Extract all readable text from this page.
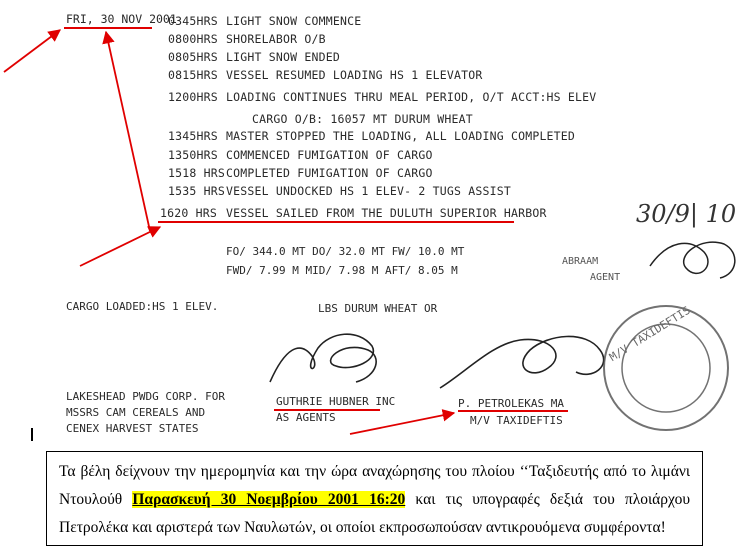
FRI, 30 NOV 2001
0345HRS LIGHT SNOW COMMENCE
0800HRS SHORELABOR O/B
0805HRS LIGHT SNOW ENDED
0815HRS VESSEL RESUMED LOADING HS 1 ELEVATOR
1200HRS LOADING CONTINUES THRU MEAL PERIOD, O/T ACCT:HS ELEV
CARGO O/B: 16057 MT DURUM WHEAT
1345HRS MASTER STOPPED THE LOADING, ALL LOADING COMPLETED
1350HRS COMMENCED FUMIGATION OF CARGO
1518 HRS COMPLETED FUMIGATION OF CARGO
1535 HRS VESSEL UNDOCKED HS 1 ELEV- 2 TUGS ASSIST
1620 HRS VESSEL SAILED FROM THE DULUTH SUPERIOR HARBOR
FO/ 344.0 MT DO/ 32.0 MT FW/ 10.0 MT
FWD/ 7.99 M MID/ 7.98 M AFT/ 8.05 M
30/9| 10
CARGO LOADED:HS 1 ELEV.	LBS DURUM WHEAT OR
ABRAAM
AGENT
LAKESHEAD PWDG CORP. FOR
MSSRS CAM CEREALS AND
CENEX HARVEST STATES
GUTHRIE HUBNER INC
AS AGENTS
P. PETROLEKAS MA
M/V TAXIDEFTIS
M/V TAXIDEFTIS
Τα βέλη δείχνουν την ημερομηνία και την ώρα αναχώρησης του πλοίου ‘‘Ταξιδευτής από το λιμάνι Ντουλούθ Παρασκευή 30 Νοεμβρίου 2001 16:20 και τις υπογραφές δεξιά του πλοιάρχου Πετρολέκα και αριστερά των Ναυλωτών, οι οποίοι εκπροσωπούσαν αντικρουόμενα συμφέροντα!
